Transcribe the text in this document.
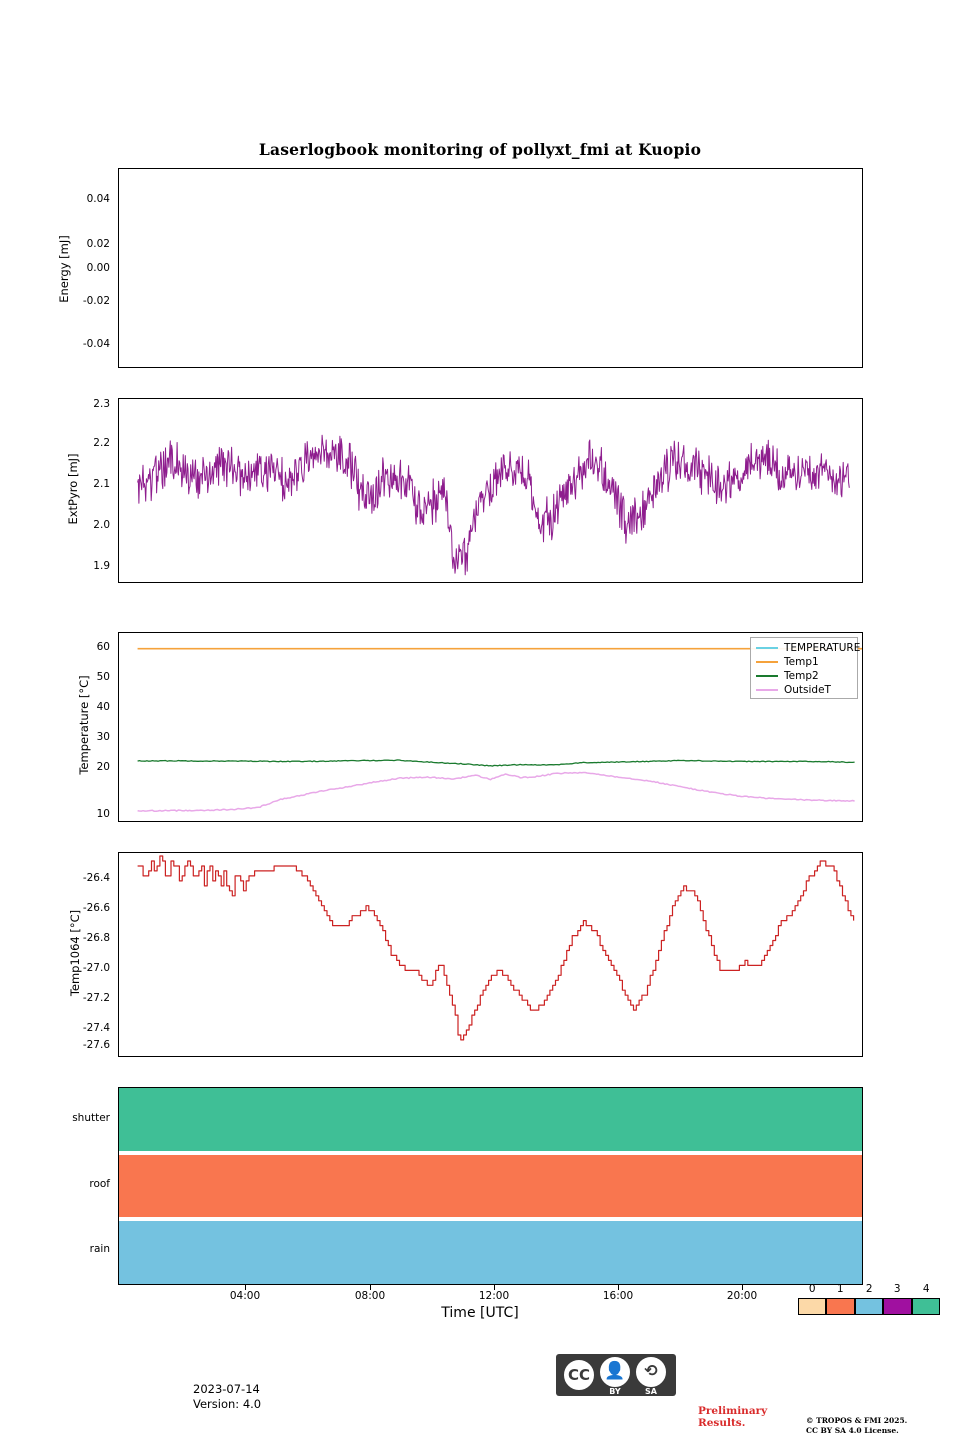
Laserlogbook monitoring of pollyxt_fmi at Kuopio
Energy [mJ]
0.04
0.02
0.00
-0.02
-0.04
ExtPyro [mJ]
2.3
2.2
2.1
2.0
1.9
Temperature [°C]
60
50
40
30
20
10
TEMPERATURE
Temp1
Temp2
OutsideT
Temp1064 [°C]
-26.4
-26.6
-26.8
-27.0
-27.2
-27.4
-27.6
shutter
roof
rain
04:00	08:00	12:00	16:00	20:00
Time [UTC]
0	1	2	3	4
2023-07-14
Version: 4.0
CC 👤
BY
⟲
SA
Preliminary
Results.	© TROPOS & FMI 2025.
CC BY SA 4.0 License.
